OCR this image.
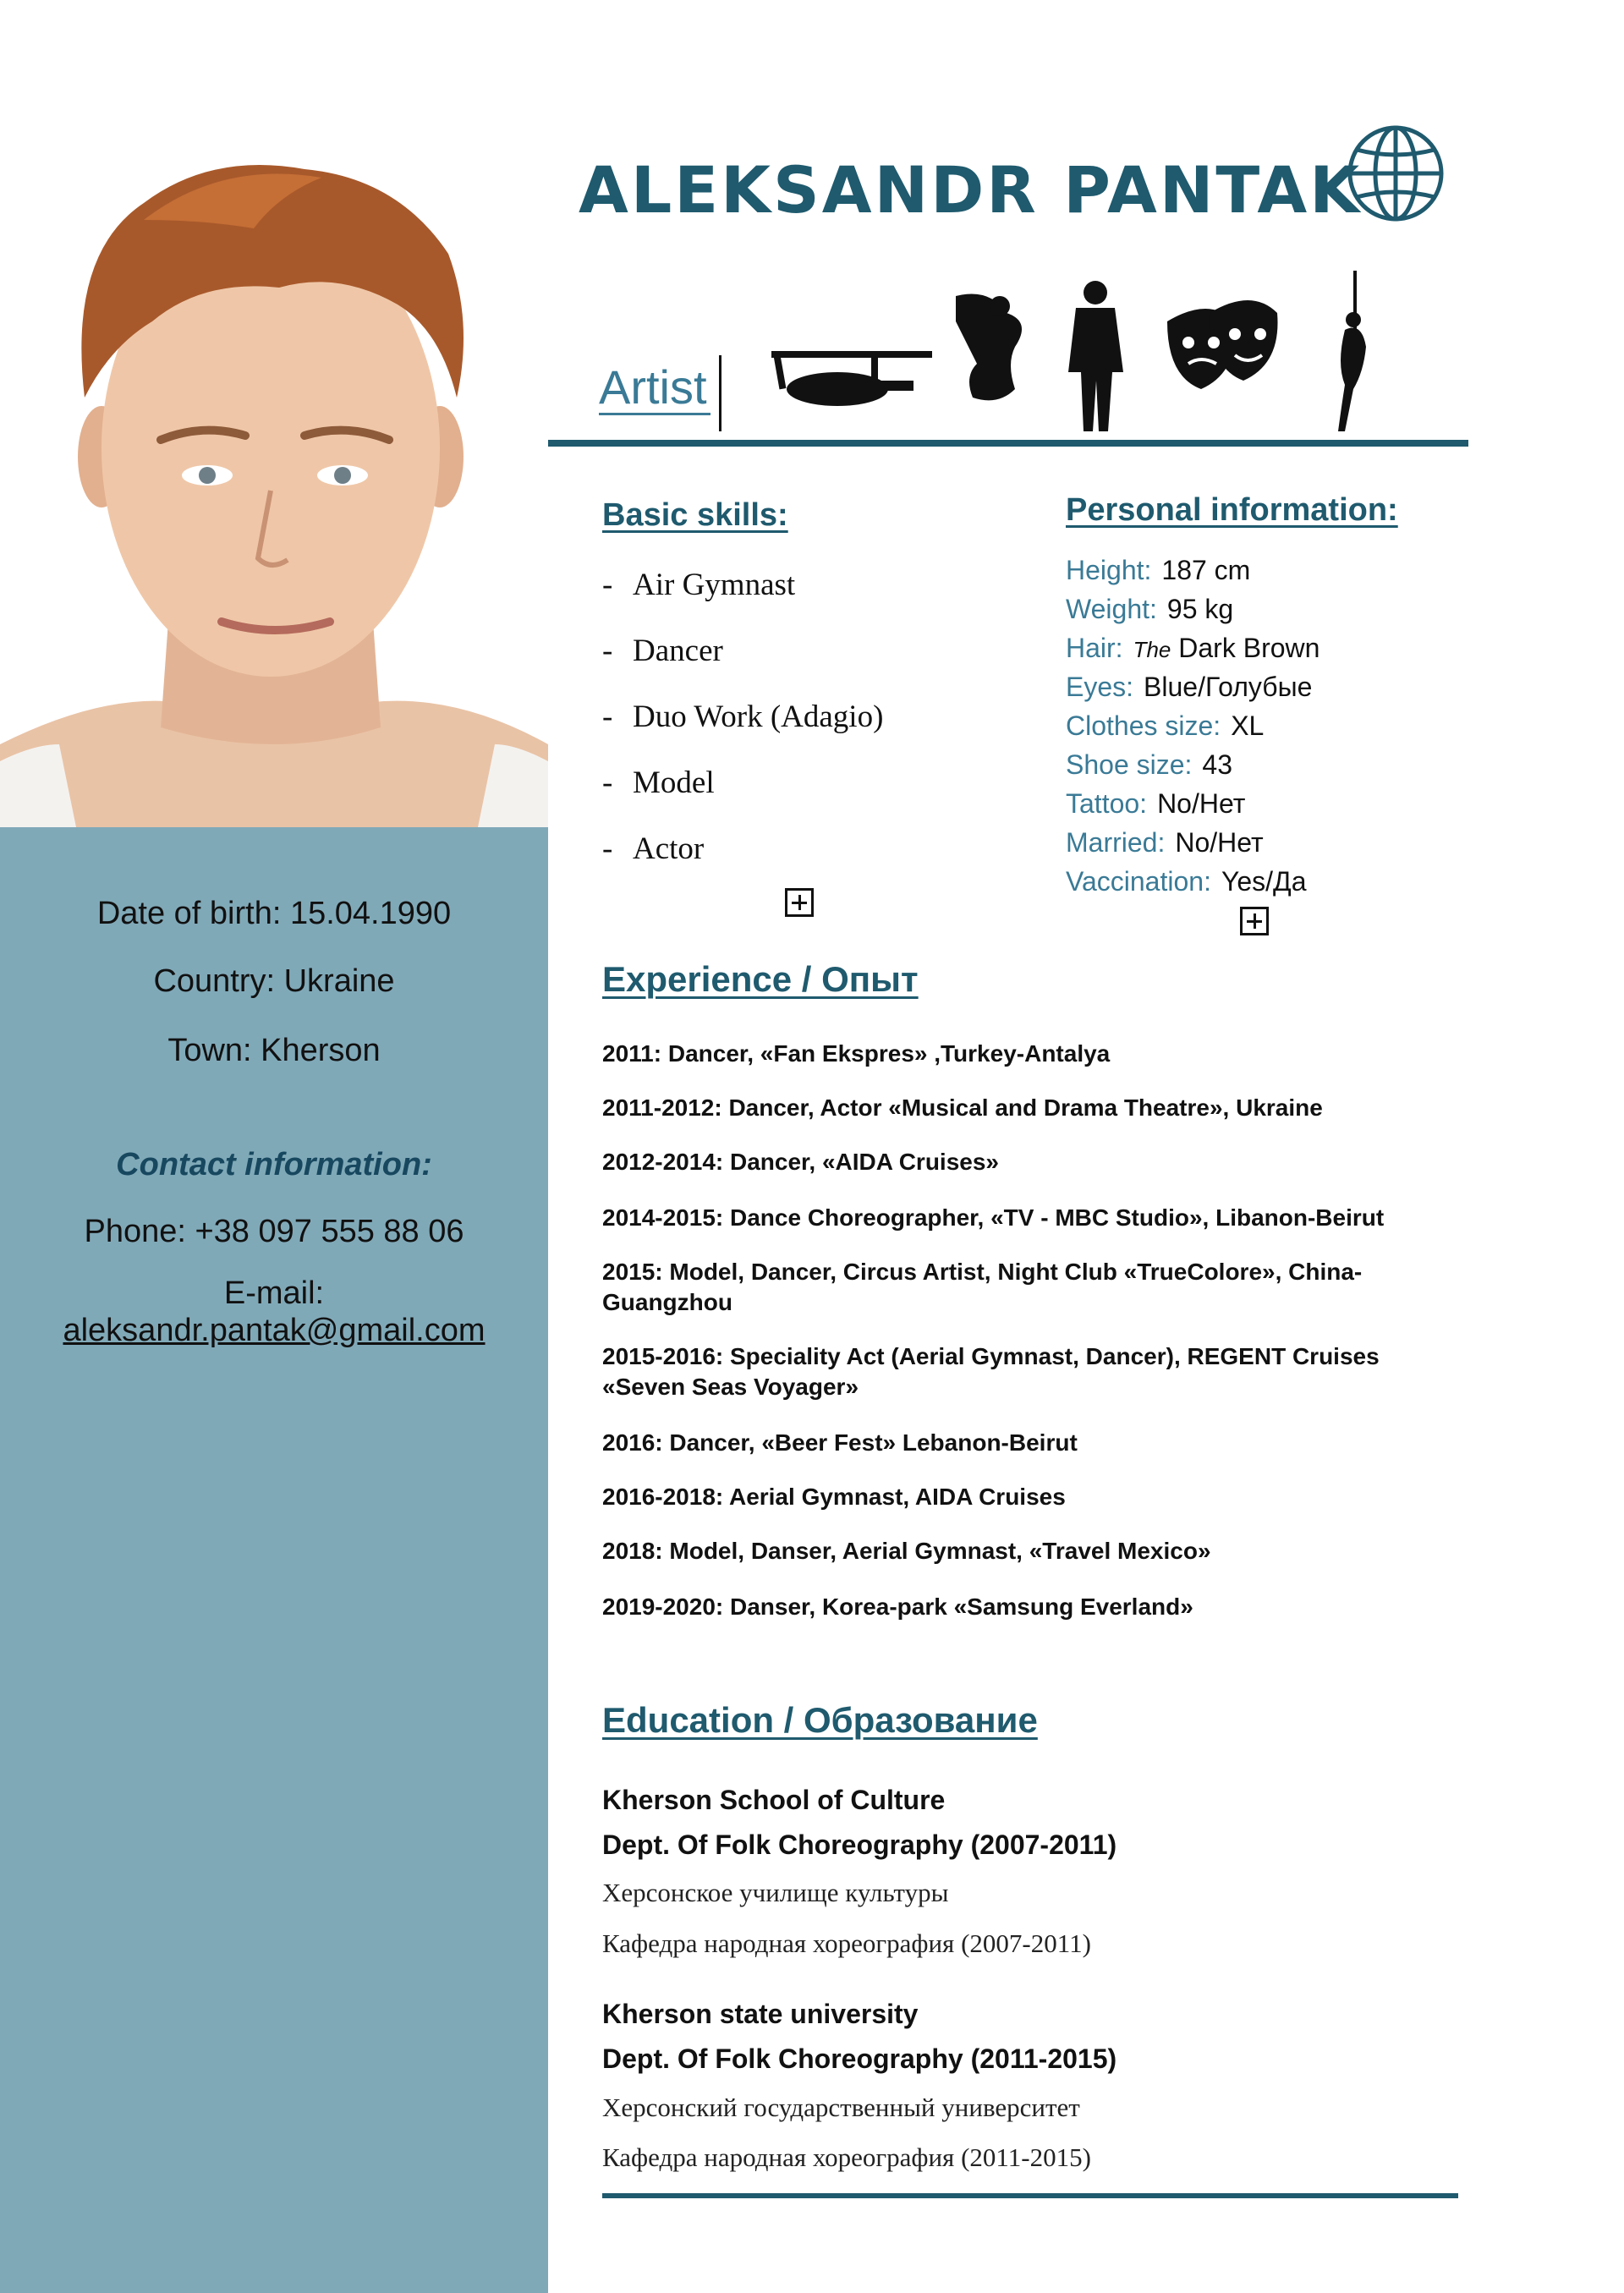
Date of birth: 15.04.1990
Country: Ukraine
Town: Kherson
Contact information:
Phone: +38 097 555 88 06
E-mail:
aleksandr.pantak@gmail.com
ALEKSANDR PANTAK
Artist
Basic skills:
- Air Gymnast
- Dancer
- Duo Work (Adagio)
- Model
- Actor
Personal information:
Height: 187 cm
Weight: 95 kg
Hair: The Dark Brown
Eyes: Blue/Голубые
Clothes size: XL
Shoe size: 43
Tattoo: No/Нет
Married: No/Нет
Vaccination: Yes/Да
Experience / Опыт
2011: Dancer, «Fan Ekspres» ,Turkey-Antalya
2011-2012: Dancer, Actor «Musical and Drama Theatre», Ukraine
2012-2014: Dancer, «AIDA Cruises»
2014-2015: Dance Choreographer, «TV - MBC Studio», Libanon-Beirut
2015: Model, Dancer, Circus Artist, Night Club «TrueColore», China-Guangzhou
2015-2016: Speciality Act (Aerial Gymnast, Dancer), REGENT Cruises «Seven Seas Voyager»
2016: Dancer, «Beer Fest» Lebanon-Beirut
2016-2018: Aerial Gymnast, AIDA Cruises
2018: Model, Danser, Aerial Gymnast, «Travel Mexico»
2019-2020: Danser, Korea-park «Samsung Everland»
Education / Образование
Kherson School of Culture
Dept. Of Folk Choreography (2007-2011)
Херсонское училище культуры
Кафедра народная хореография (2007-2011)
Kherson state university
Dept. Of Folk Choreography (2011-2015)
Херсонский государственный университет
Кафедра народная хореография (2011-2015)
